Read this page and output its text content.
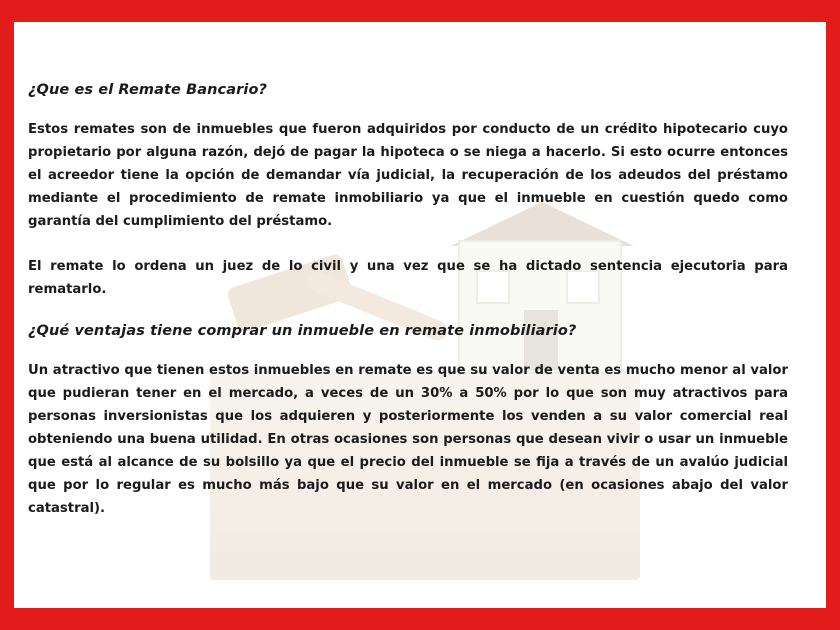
¿Que es el Remate Bancario?

Estos remates son de inmuebles que fueron adquiridos por conducto de un crédito hipotecario cuyo propietario por alguna razón, dejó de pagar la hipoteca o se niega a hacerlo. Si esto ocurre entonces el acreedor tiene la opción de demandar vía judicial, la recuperación de los adeudos del préstamo mediante el procedimiento de remate inmobiliario ya que el inmueble en cuestión quedo como garantía del cumplimiento del préstamo.

El remate lo ordena un juez de lo civil y una vez que se ha dictado sentencia ejecutoria para rematarlo.

¿Qué ventajas tiene comprar un inmueble en remate inmobiliario?

Un atractivo que tienen estos inmuebles en remate es que su valor de venta es mucho menor al valor que pudieran tener en el mercado, a veces de un 30% a 50% por lo que son muy atractivos para personas inversionistas que los adquieren y posteriormente los venden a su valor comercial real obteniendo una buena utilidad. En otras ocasiones son personas que desean vivir o usar un inmueble que está al alcance de su bolsillo ya que el precio del inmueble se fija a través de un avalúo judicial que por lo regular es mucho más bajo que su valor en el mercado (en ocasiones abajo del valor catastral).
